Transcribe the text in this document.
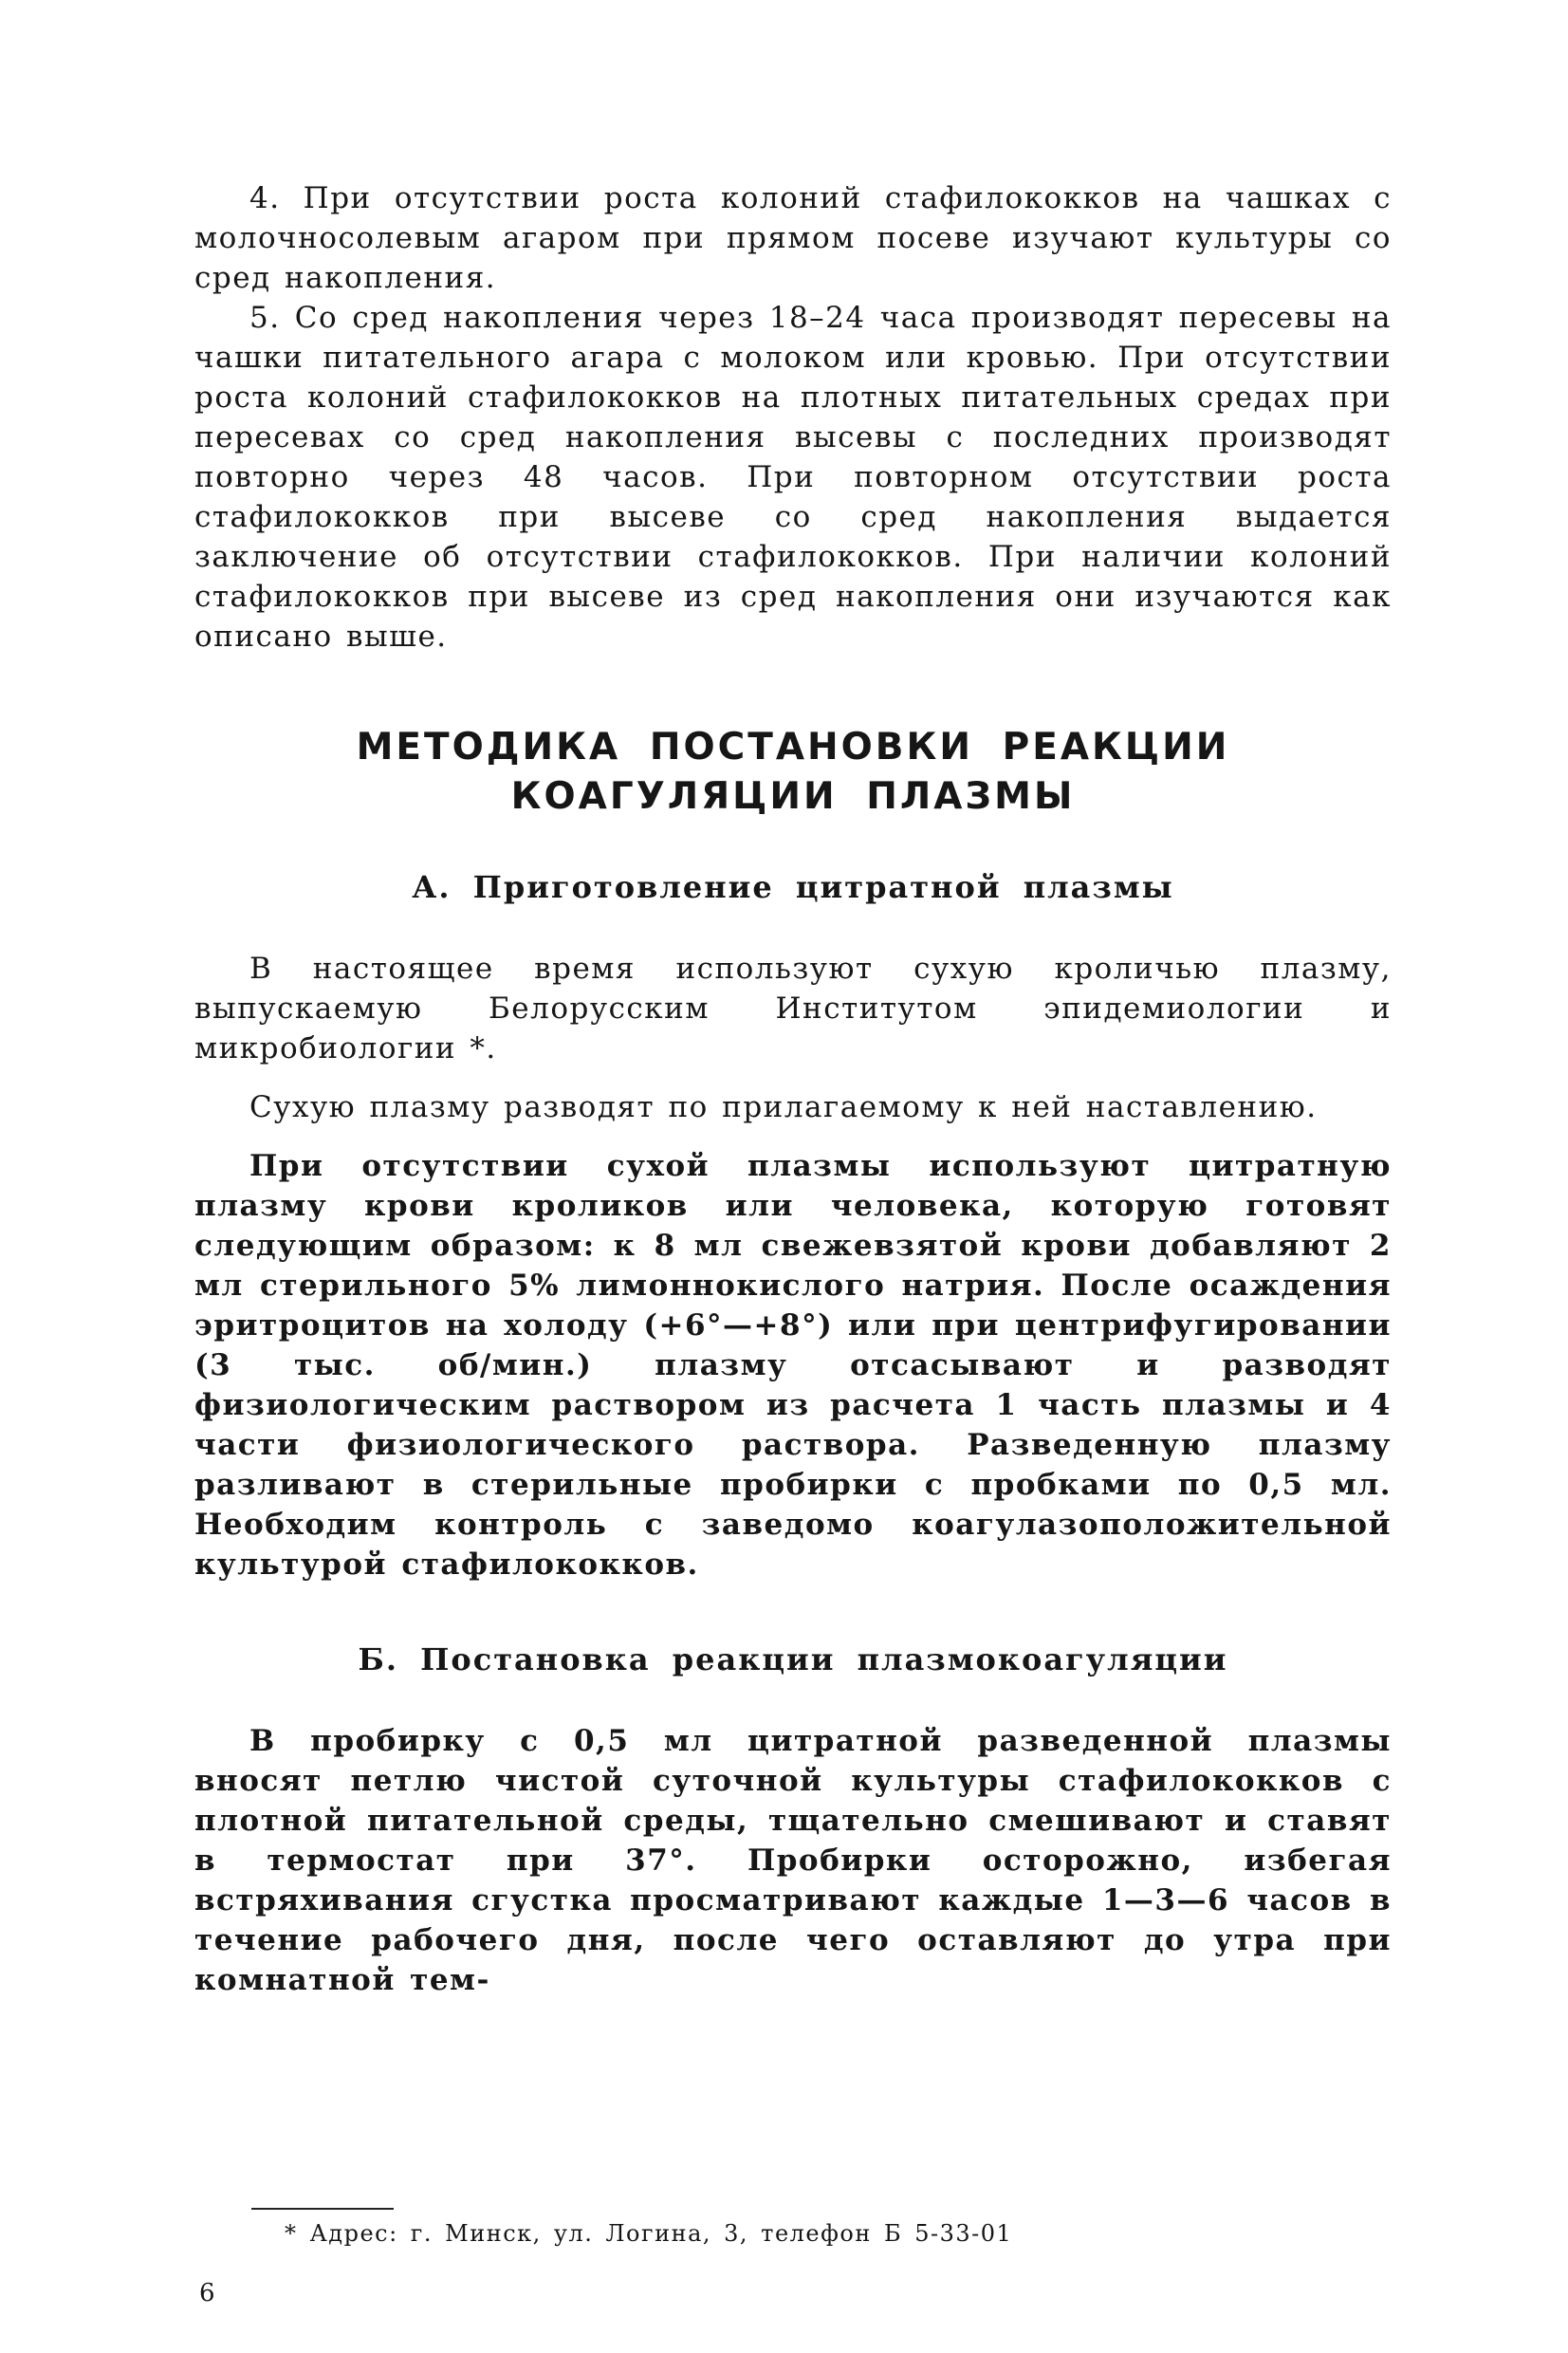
4. При отсутствии роста колоний стафилококков на чашках с молочносолевым агаром при прямом посеве изучают культуры со сред накопления.

5. Со сред накопления через 18–24 часа производят пересевы на чашки питательного агара с молоком или кровью. При отсутствии роста колоний стафилококков на плотных питательных средах при пересевах со сред накопления высевы с последних производят повторно через 48 часов. При повторном отсутствии роста стафилококков при высеве со сред накопления выдается заключение об отсутствии стафилококков. При наличии колоний стафилококков при высеве из сред накопления они изучаются как описано выше.

МЕТОДИКА ПОСТАНОВКИ РЕАКЦИИ КОАГУЛЯЦИИ ПЛАЗМЫ
А. Приготовление цитратной плазмы

В настоящее время используют сухую кроличью плазму, выпускаемую Белорусским Институтом эпидемиологии и микробиологии *.

Сухую плазму разводят по прилагаемому к ней наставлению.

При отсутствии сухой плазмы используют цитратную плазму крови кроликов или человека, которую готовят следующим образом: к 8 мл свежевзятой крови добавляют 2 мл стерильного 5% лимоннокислого натрия. После осаждения эритроцитов на холоду (+6°—+8°) или при центрифугировании (3 тыс. об/мин.) плазму отсасывают и разводят физиологическим раствором из расчета 1 часть плазмы и 4 части физиологического раствора. Разведенную плазму разливают в стерильные пробирки с пробками по 0,5 мл. Необходим контроль с заведомо коагулазоположительной культурой стафилококков.

Б. Постановка реакции плазмокоагуляции

В пробирку с 0,5 мл цитратной разведенной плазмы вносят петлю чистой суточной культуры стафилококков с плотной питательной среды, тщательно смешивают и ставят в термостат при 37°. Пробирки осторожно, избегая встряхивания сгустка просматривают каждые 1—3—6 часов в течение рабочего дня, после чего оставляют до утра при комнатной тем-

* Адрес: г. Минск, ул. Логина, 3, телефон Б 5-33-01
6
